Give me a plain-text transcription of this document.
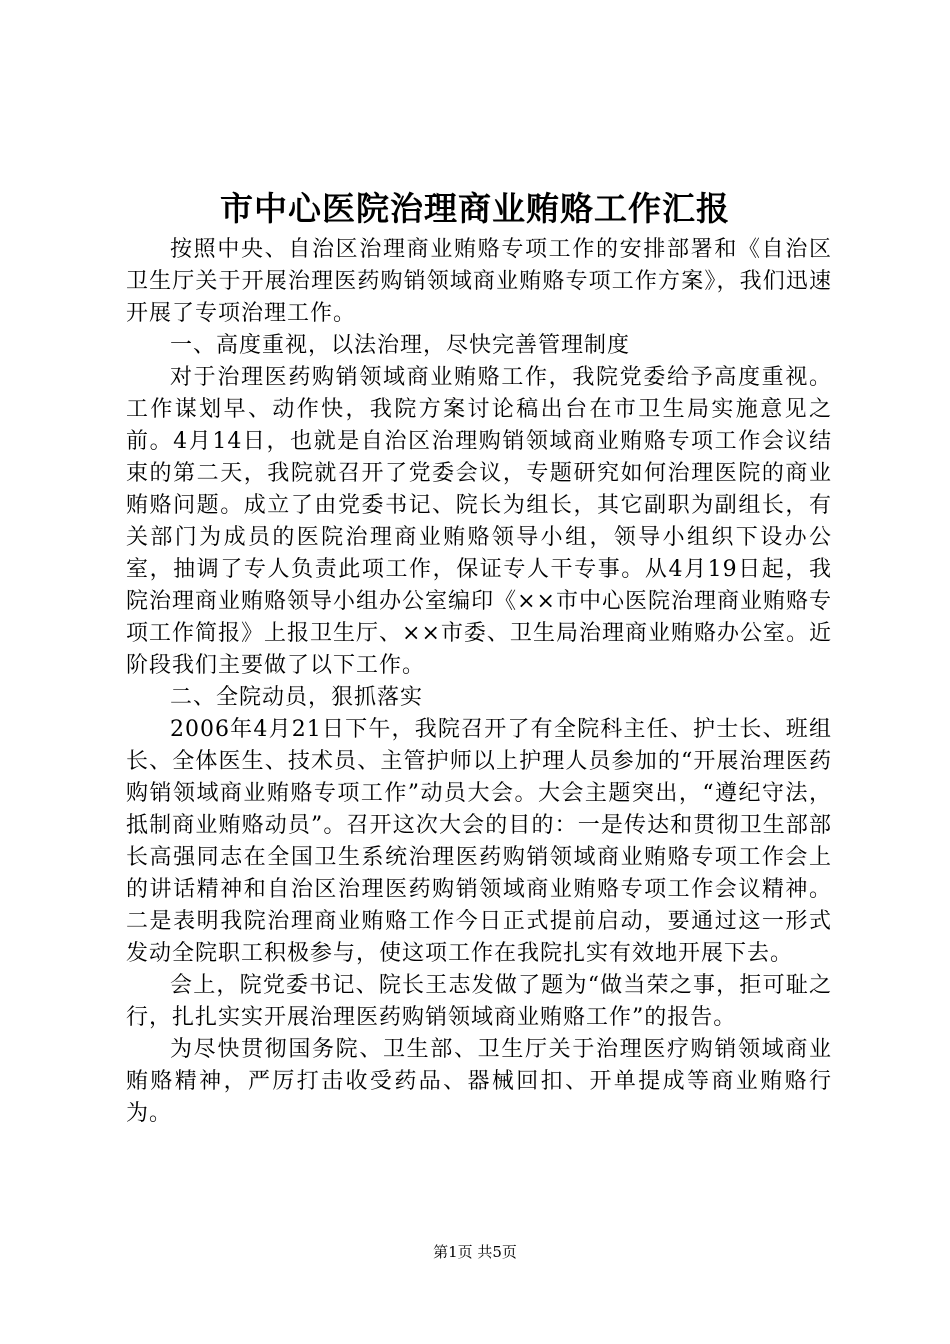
市中心医院治理商业贿赂工作汇报

按照中央、自治区治理商业贿赂专项工作的安排部署和《自治区卫生厅关于开展治理医药购销领域商业贿赂专项工作方案》，我们迅速开展了专项治理工作。

一、高度重视，以法治理，尽快完善管理制度

对于治理医药购销领域商业贿赂工作，我院党委给予高度重视。工作谋划早、动作快，我院方案讨论稿出台在市卫生局实施意见之前。4月14日，也就是自治区治理购销领域商业贿赂专项工作会议结束的第二天，我院就召开了党委会议，专题研究如何治理医院的商业贿赂问题。成立了由党委书记、院长为组长，其它副职为副组长，有关部门为成员的医院治理商业贿赂领导小组，领导小组织下设办公室，抽调了专人负责此项工作，保证专人干专事。从4月19日起，我院治理商业贿赂领导小组办公室编印《××市中心医院治理商业贿赂专项工作简报》上报卫生厅、××市委、卫生局治理商业贿赂办公室。近阶段我们主要做了以下工作。

二、全院动员，狠抓落实

2006年4月21日下午，我院召开了有全院科主任、护士长、班组长、全体医生、技术员、主管护师以上护理人员参加的“开展治理医药购销领域商业贿赂专项工作”动员大会。大会主题突出，“遵纪守法，抵制商业贿赂动员”。召开这次大会的目的：一是传达和贯彻卫生部部长高强同志在全国卫生系统治理医药购销领域商业贿赂专项工作会上的讲话精神和自治区治理医药购销领域商业贿赂专项工作会议精神。二是表明我院治理商业贿赂工作今日正式提前启动，要通过这一形式发动全院职工积极参与，使这项工作在我院扎实有效地开展下去。

会上，院党委书记、院长王志发做了题为“做当荣之事，拒可耻之行，扎扎实实开展治理医药购销领域商业贿赂工作”的报告。

为尽快贯彻国务院、卫生部、卫生厅关于治理医疗购销领域商业贿赂精神，严厉打击收受药品、器械回扣、开单提成等商业贿赂行为。

第1页 共5页
